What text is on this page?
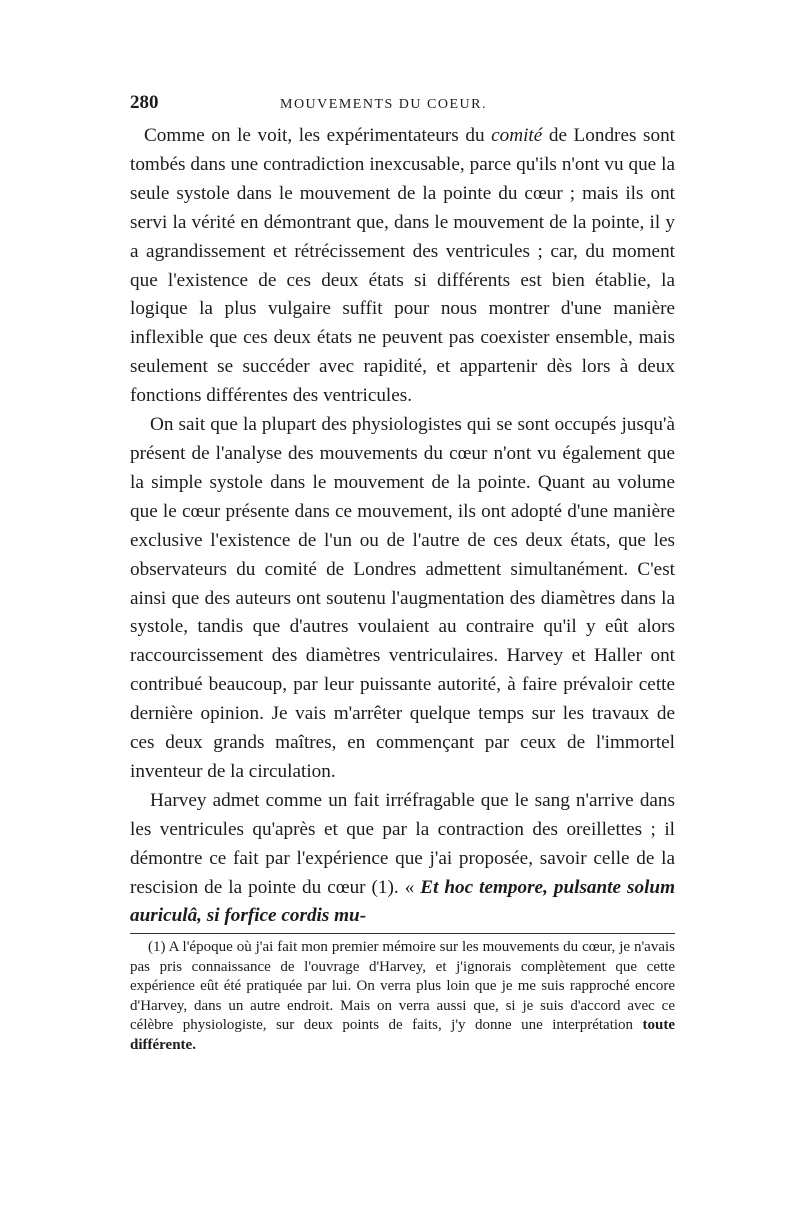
280	MOUVEMENTS DU COEUR.

Comme on le voit, les expérimentateurs du comité de Londres sont tombés dans une contradiction inexcusable, parce qu'ils n'ont vu que la seule systole dans le mouvement de la pointe du cœur ; mais ils ont servi la vérité en démontrant que, dans le mouvement de la pointe, il y a agrandissement et rétrécissement des ventricules ; car, du moment que l'existence de ces deux états si différents est bien établie, la logique la plus vulgaire suffit pour nous montrer d'une manière inflexible que ces deux états ne peuvent pas coexister ensemble, mais seulement se succéder avec rapidité, et appartenir dès lors à deux fonctions différentes des ventricules.

On sait que la plupart des physiologistes qui se sont occupés jusqu'à présent de l'analyse des mouvements du cœur n'ont vu également que la simple systole dans le mouvement de la pointe. Quant au volume que le cœur présente dans ce mouvement, ils ont adopté d'une manière exclusive l'existence de l'un ou de l'autre de ces deux états, que les observateurs du comité de Londres admettent simultanément. C'est ainsi que des auteurs ont soutenu l'augmentation des diamètres dans la systole, tandis que d'autres voulaient au contraire qu'il y eût alors raccourcissement des diamètres ventriculaires. Harvey et Haller ont contribué beaucoup, par leur puissante autorité, à faire prévaloir cette dernière opinion. Je vais m'arrêter quelque temps sur les travaux de ces deux grands maîtres, en commençant par ceux de l'immortel inventeur de la circulation.

Harvey admet comme un fait irréfragable que le sang n'arrive dans les ventricules qu'après et que par la contraction des oreillettes ; il démontre ce fait par l'expérience que j'ai proposée, savoir celle de la rescision de la pointe du cœur (1). « Et hoc tempore, pulsante solum auriculâ, si forfice cordis mu-

(1) A l'époque où j'ai fait mon premier mémoire sur les mouvements du cœur, je n'avais pas pris connaissance de l'ouvrage d'Harvey, et j'ignorais complètement que cette expérience eût été pratiquée par lui. On verra plus loin que je me suis rapproché encore d'Harvey, dans un autre endroit. Mais on verra aussi que, si je suis d'accord avec ce célèbre physiologiste, sur deux points de faits, j'y donne une interprétation toute différente.
